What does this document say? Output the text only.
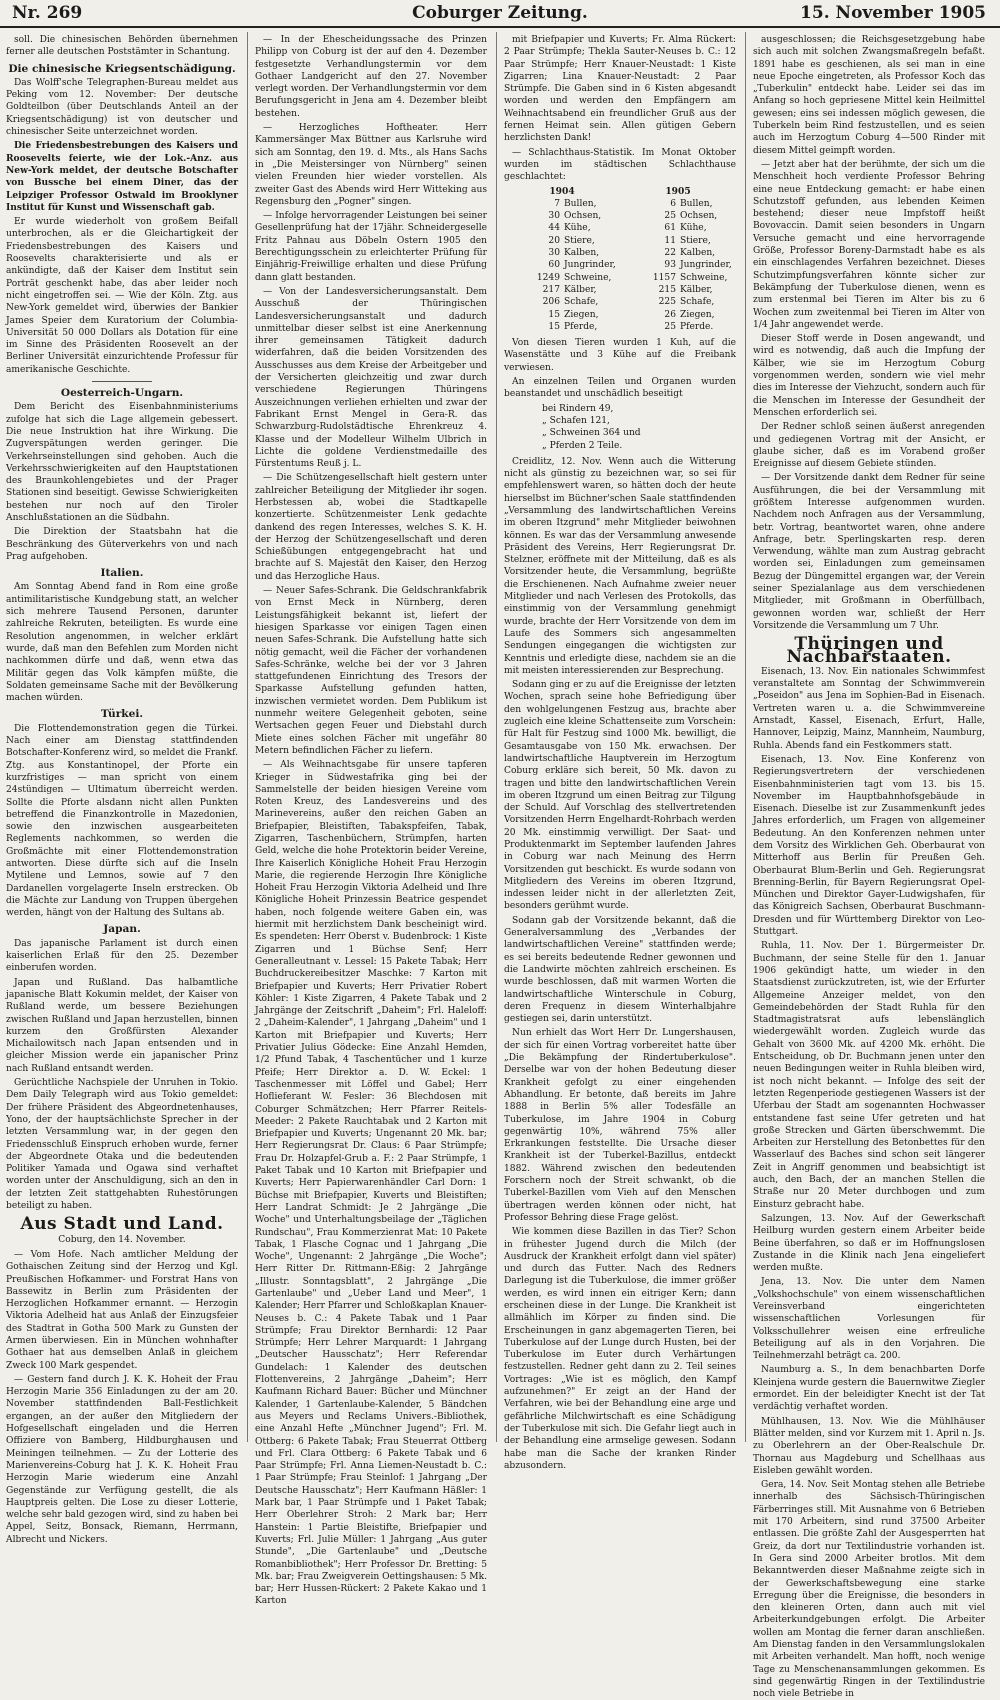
Nr. 269	Coburger Zeitung.	15. November 1905

soll. Die chinesischen Behörden übernehmen ferner alle deutschen Poststämter in Schantung.

Die chinesische Kriegsentschädigung.

Das Wolff'sche Telegraphen-Bureau meldet aus Peking vom 12. November: Der deutsche Goldteilbon (über Deutschlands Anteil an der Kriegsentschädigung) ist von deutscher und chinesischer Seite unterzeichnet worden.

Die Friedensbestrebungen des Kaisers und Roosevelts feierte, wie der Lok.-Anz. aus New-York meldet, der deutsche Botschafter von Bussche bei einem Diner, das der Leipziger Professor Ostwald im Brooklyner Institut für Kunst und Wissenschaft gab.

Er wurde wiederholt von großem Beifall unterbrochen, als er die Gleichartigkeit der Friedensbestrebungen des Kaisers und Roosevelts charakterisierte und als er ankündigte, daß der Kaiser dem Institut sein Porträt geschenkt habe, das aber leider noch nicht eingetroffen sei. — Wie der Köln. Ztg. aus New-York gemeldet wird, überwies der Bankier James Speier dem Kuratorium der Columbia-Universität 50 000 Dollars als Dotation für eine im Sinne des Präsidenten Roosevelt an der Berliner Universität einzurichtende Professur für amerikanische Geschichte.

Oesterreich-Ungarn.

Dem Bericht des Eisenbahnministeriums zufolge hat sich die Lage allgemein gebessert. Die neue Instruktion hat ihre Wirkung. Die Zugverspätungen werden geringer. Die Verkehrseinstellungen sind gehoben. Auch die Verkehrsschwierigkeiten auf den Hauptstationen des Braunkohlengebietes und der Prager Stationen sind beseitigt. Gewisse Schwierigkeiten bestehen nur noch auf den Tiroler Anschlußstationen an die Südbahn.

Die Direktion der Staatsbahn hat die Beschränkung des Güterverkehrs von und nach Prag aufgehoben.

Italien.

Am Sonntag Abend fand in Rom eine große antimilitaristische Kundgebung statt, an welcher sich mehrere Tausend Personen, darunter zahlreiche Rekruten, beteiligten. Es wurde eine Resolution angenommen, in welcher erklärt wurde, daß man den Befehlen zum Morden nicht nachkommen dürfe und daß, wenn etwa das Militär gegen das Volk kämpfen müßte, die Soldaten gemeinsame Sache mit der Bevölkerung machen würden.

Türkei.

Die Flottendemonstration gegen die Türkei. Nach einer am Dienstag stattfindenden Botschafter-Konferenz wird, so meldet die Frankf. Ztg. aus Konstantinopel, der Pforte ein kurzfristiges — man spricht von einem 24stündigen — Ultimatum überreicht werden. Sollte die Pforte alsdann nicht allen Punkten betreffend die Finanzkontrolle in Mazedonien, sowie den inzwischen ausgearbeiteten Reglements nachkommen, so werden die Großmächte mit einer Flottendemonstration antworten. Diese dürfte sich auf die Inseln Mytilene und Lemnos, sowie auf 7 den Dardanellen vorgelagerte Inseln erstrecken. Ob die Mächte zur Landung von Truppen übergehen werden, hängt von der Haltung des Sultans ab.

Japan.

Das japanische Parlament ist durch einen kaiserlichen Erlaß für den 25. Dezember einberufen worden.

Japan und Rußland. Das halbamtliche japanische Blatt Kokumin meldet, der Kaiser von Rußland werde, um bessere Beziehungen zwischen Rußland und Japan herzustellen, binnen kurzem den Großfürsten Alexander Michailowitsch nach Japan entsenden und in gleicher Mission werde ein japanischer Prinz nach Rußland entsandt werden.

Gerüchtliche Nachspiele der Unruhen in Tokio. Dem Daily Telegraph wird aus Tokio gemeldet: Der frühere Präsident des Abgeordnetenhauses, Yono, der der hauptsächlichste Sprecher in der letzten Versammlung war, in der gegen den Friedensschluß Einspruch erhoben wurde, ferner der Abgeordnete Otaka und die bedeutenden Politiker Yamada und Ogawa sind verhaftet worden unter der Anschuldigung, sich an den in der letzten Zeit stattgehabten Ruhestörungen beteiligt zu haben.

Aus Stadt und Land.
Coburg, den 14. November.

— Vom Hofe. Nach amtlicher Meldung der Gothaischen Zeitung sind der Herzog und Kgl. Preußischen Hofkammer- und Forstrat Hans von Bassewitz in Berlin zum Präsidenten der Herzoglichen Hofkammer ernannt. — Herzogin Viktoria Adelheid hat aus Anlaß der Einzugsfeier des Stadtrat in Gotha 500 Mark zu Gunsten der Armen überwiesen. Ein in München wohnhafter Gothaer hat aus demselben Anlaß in gleichem Zweck 100 Mark gespendet.

— Gestern fand durch J. K. K. Hoheit der Frau Herzogin Marie 356 Einladungen zu der am 20. November stattfindenden Ball-Festlichkeit ergangen, an der außer den Mitgliedern der Hofgesellschaft eingeladen und die Herren Offiziere von Bamberg, Hildburghausen und Meiningen teilnehmen. — Zu der Lotterie des Marienvereins-Coburg hat J. K. K. Hoheit Frau Herzogin Marie wiederum eine Anzahl Gegenstände zur Verfügung gestellt, die als Hauptpreis gelten. Die Lose zu dieser Lotterie, welche sehr bald gezogen wird, sind zu haben bei Appel, Seitz, Bonsack, Riemann, Herrmann, Albrecht und Nickers.

— In der Ehescheidungssache des Prinzen Philipp von Coburg ist der auf den 4. Dezember festgesetzte Verhandlungstermin vor dem Gothaer Landgericht auf den 27. November verlegt worden. Der Verhandlungstermin vor dem Berufungsgericht in Jena am 4. Dezember bleibt bestehen.

— Herzogliches Hoftheater. Herr Kammersänger Max Büttner aus Karlsruhe wird sich am Sonntag, den 19. d. Mts., als Hans Sachs in „Die Meistersinger von Nürnberg" seinen vielen Freunden hier wieder vorstellen. Als zweiter Gast des Abends wird Herr Witteking aus Regensburg den „Pogner" singen.

— Infolge hervorragender Leistungen bei seiner Gesellenprüfung hat der 17jähr. Schneidergeselle Fritz Pahnau aus Döbeln Ostern 1905 den Berechtigungsschein zu erleichterter Prüfung für Einjährig-Freiwillige erhalten und diese Prüfung dann glatt bestanden.

— Von der Landesversicherungsanstalt. Dem Ausschuß der Thüringischen Landesversicherungsanstalt und dadurch unmittelbar dieser selbst ist eine Anerkennung ihrer gemeinsamen Tätigkeit dadurch widerfahren, daß die beiden Vorsitzenden des Ausschusses aus dem Kreise der Arbeitgeber und der Versicherten gleichzeitig und zwar durch verschiedene Regierungen Thüringens Auszeichnungen verliehen erhielten und zwar der Fabrikant Ernst Mengel in Gera-R. das Schwarzburg-Rudolstädtische Ehrenkreuz 4. Klasse und der Modelleur Wilhelm Ulbrich in Lichte die goldene Verdienstmedaille des Fürstentums Reuß j. L.

— Die Schützengesellschaft hielt gestern unter zahlreicher Beteiligung der Mitglieder ihr sogen. Herbstessen ab, wobei die Stadtkapelle konzertierte. Schützenmeister Lenk gedachte dankend des regen Interesses, welches S. K. H. der Herzog der Schützengesellschaft und deren Schießübungen entgegengebracht hat und brachte auf S. Majestät den Kaiser, den Herzog und das Herzogliche Haus.

— Neuer Safes-Schrank. Die Geldschrankfabrik von Ernst Meck in Nürnberg, deren Leistungsfähigkeit bekannt ist, liefert der hiesigen Sparkasse vor einigen Tagen einen neuen Safes-Schrank. Die Aufstellung hatte sich nötig gemacht, weil die Fächer der vorhandenen Safes-Schränke, welche bei der vor 3 Jahren stattgefundenen Einrichtung des Tresors der Sparkasse Aufstellung gefunden hatten, inzwischen vermietet worden. Dem Publikum ist nunmehr weitere Gelegenheit geboten, seine Wertsachen gegen Feuer und Diebstahl durch Miete eines solchen Fächer mit ungefähr 80 Metern befindlichen Fächer zu liefern.

— Als Weihnachtsgabe für unsere tapferen Krieger in Südwestafrika ging bei der Sammelstelle der beiden hiesigen Vereine vom Roten Kreuz, des Landesvereins und des Marinevereins, außer den reichen Gaben an Briefpapier, Bleistiften, Tabakspfeifen, Tabak, Zigarren, Taschenbüchern, Strümpfen, harten Geld, welche die hohe Protektorin beider Vereine, Ihre Kaiserlich Königliche Hoheit Frau Herzogin Marie, die regierende Herzogin Ihre Königliche Hoheit Frau Herzogin Viktoria Adelheid und Ihre Königliche Hoheit Prinzessin Beatrice gespendet haben, noch folgende weitere Gaben ein, was hiermit mit herzlichstem Dank bescheinigt wird. Es spendeten: Herr Oberst v. Budenbrock: 1 Kiste Zigarren und 1 Büchse Senf; Herr Generalleutnant v. Lessel: 15 Pakete Tabak; Herr Buchdruckereibesitzer Maschke: 7 Karton mit Briefpapier und Kuverts; Herr Privatier Robert Köhler: 1 Kiste Zigarren, 4 Pakete Tabak und 2 Jahrgänge der Zeitschrift „Daheim"; Frl. Haleloff: 2 „Daheim-Kalender", 1 Jahrgang „Daheim" und 1 Karton mit Briefpapier und Kuverts; Herr Privatier Julius Gödecke: Eine Anzahl Hemden, 1/2 Pfund Tabak, 4 Taschentücher und 1 kurze Pfeife; Herr Direktor a. D. W. Eckel: 1 Taschenmesser mit Löffel und Gabel; Herr Hoflieferant W. Fesler: 36 Blechdosen mit Coburger Schmätzchen; Herr Pfarrer Reitels-Meeder: 2 Pakete Rauchtabak und 2 Karton mit Briefpapier und Kuverts; Ungenannt 20 Mk. bar; Herr Regierungsrat Dr. Claus: 6 Paar Strümpfe; Frau Dr. Holzapfel-Grub a. F.: 2 Paar Strümpfe, 1 Paket Tabak und 10 Karton mit Briefpapier und Kuverts; Herr Papierwarenhändler Carl Dorn: 1 Büchse mit Briefpapier, Kuverts und Bleistiften; Herr Landrat Schmidt: Je 2 Jahrgänge „Die Woche" und Unterhaltungsbeilage der „Täglichen Rundschau", Frau Kommerzienrat Mat: 10 Pakete Tabak, 1 Flasche Cognac und 1 Jahrgang „Die Woche", Ungenannt: 2 Jahrgänge „Die Woche"; Herr Ritter Dr. Rittmann-Eßig: 2 Jahrgänge „Illustr. Sonntagsblatt", 2 Jahrgänge „Die Gartenlaube" und „Ueber Land und Meer", 1 Kalender; Herr Pfarrer und Schloßkaplan Knauer-Neuses b. C.: 4 Pakete Tabak und 1 Paar Strümpfe; Frau Direktor Bernhardi: 12 Paar Strümpfe; Herr Lehrer Marquardt: 1 Jahrgang „Deutscher Hausschatz"; Herr Referendar Gundelach: 1 Kalender des deutschen Flottenvereins, 2 Jahrgänge „Daheim"; Herr Kaufmann Richard Bauer: Bücher und Münchner Kalender, 1 Gartenlaube-Kalender, 5 Bändchen aus Meyers und Reclams Univers.-Bibliothek, eine Anzahl Hefte „Münchner Jugend"; Frl. M. Ottberg: 6 Pakete Tabak; Frau Steuerrat Ottberg und Frl. Clara Ottberg: 6 Pakete Tabak und 6 Paar Strümpfe; Frl. Anna Liemen-Neustadt b. C.: 1 Paar Strümpfe; Frau Steinlof: 1 Jahrgang „Der Deutsche Hausschatz"; Herr Kaufmann Häßler: 1 Mark bar, 1 Paar Strümpfe und 1 Paket Tabak; Herr Oberlehrer Stroh: 2 Mark bar; Herr Hanstein: 1 Partie Bleistifte, Briefpapier und Kuverts; Frl. Julie Müller: 1 Jahrgang „Aus guter Stunde", „Die Gartenlaube" und „Deutsche Romanbibliothek"; Herr Professor Dr. Bretting: 5 Mk. bar; Frau Zweigverein Oettingshausen: 5 Mk. bar; Herr Hussen-Rückert: 2 Pakete Kakao und 1 Karton

mit Briefpapier und Kuverts; Fr. Alma Rückert: 2 Paar Strümpfe; Thekla Sauter-Neuses b. C.: 12 Paar Strümpfe; Herr Knauer-Neustadt: 1 Kiste Zigarren; Lina Knauer-Neustadt: 2 Paar Strümpfe. Die Gaben sind in 6 Kisten abgesandt worden und werden den Empfängern am Weihnachtsabend ein freundlicher Gruß aus der fernen Heimat sein. Allen gütigen Gebern herzlichsten Dank!

— Schlachthaus-Statistik. Im Monat Oktober wurden im städtischen Schlachthause geschlachtet:

1904		1905	
7	Bullen,	6	Bullen,
30	Ochsen,	25	Ochsen,
44	Kühe,	61	Kühe,
20	Stiere,	11	Stiere,
30	Kalben,	22	Kalben,
60	Jungrinder,	93	Jungrinder,
1249	Schweine,	1157	Schweine,
217	Kälber,	215	Kälber,
206	Schafe,	225	Schafe,
15	Ziegen,	26	Ziegen,
15	Pferde,	25	Pferde.

Von diesen Tieren wurden 1 Kuh, auf die Wasenstätte und 3 Kühe auf die Freibank verwiesen.

An einzelnen Teilen und Organen wurden beanstandet und unschädlich beseitigt

bei Rindern 49,
„ Schafen 121,
„ Schweinen 364 und
„ Pferden 2 Teile.

Creidlitz, 12. Nov. Wenn auch die Witterung nicht als günstig zu bezeichnen war, so sei für empfehlenswert waren, so hätten doch der heute hierselbst im Büchner'schen Saale stattfindenden „Versammlung des landwirtschaftlichen Vereins im oberen Itzgrund" mehr Mitglieder beiwohnen können. Es war das der Versammlung anwesende Präsident des Vereins, Herr Regierungsrat Dr. Stelzner, eröffnete mit der Mitteilung, daß es als Vorsitzender heute, die Versammlung, begrüßte die Erschienenen. Nach Aufnahme zweier neuer Mitglieder und nach Verlesen des Protokolls, das einstimmig von der Versammlung genehmigt wurde, brachte der Herr Vorsitzende von dem im Laufe des Sommers sich angesammelten Sendungen eingegangen die wichtigsten zur Kenntnis und erledigte diese, nachdem sie an die mit meisten interessierenden zur Besprechung.

Sodann ging er zu auf die Ereignisse der letzten Wochen, sprach seine hohe Befriedigung über den wohlgelungenen Festzug aus, brachte aber zugleich eine kleine Schattenseite zum Vorschein: für Halt für Festzug sind 1000 Mk. bewilligt, die Gesamtausgabe von 150 Mk. erwachsen. Der landwirtschaftliche Hauptverein im Herzogtum Coburg erkläre sich bereit, 50 Mk. davon zu tragen und bitte den landwirtschaftlichen Verein im oberen Itzgrund um einen Beitrag zur Tilgung der Schuld. Auf Vorschlag des stellvertretenden Vorsitzenden Herrn Engelhardt-Rohrbach werden 20 Mk. einstimmig verwilligt. Der Saat- und Produktenmarkt im September laufenden Jahres in Coburg war nach Meinung des Herrn Vorsitzenden gut beschickt. Es wurde sodann von Mitgliedern des Vereins im oberen Itzgrund, indessen leider nicht in der allerletzten Zeit, besonders gerühmt wurde.

Sodann gab der Vorsitzende bekannt, daß die Generalversammlung des „Verbandes der landwirtschaftlichen Vereine" stattfinden werde; es sei bereits bedeutende Redner gewonnen und die Landwirte möchten zahlreich erscheinen. Es wurde beschlossen, daß mit warmen Worten die landwirtschaftliche Winterschule in Coburg, deren Frequenz in diesem Winterhalbjahre gestiegen sei, darin unterstützt.

Nun erhielt das Wort Herr Dr. Lungershausen, der sich für einen Vortrag vorbereitet hatte über „Die Bekämpfung der Rindertuberkulose". Derselbe war von der hohen Bedeutung dieser Krankheit gefolgt zu einer eingehenden Abhandlung. Er betonte, daß bereits im Jahre 1888 in Berlin 5% aller Todesfälle an Tuberkulose, im Jahre 1904 in Coburg gegenwärtig 10%, während 75% aller Erkrankungen feststellte. Die Ursache dieser Krankheit ist der Tuberkel-Bazillus, entdeckt 1882. Während zwischen den bedeutenden Forschern noch der Streit schwankt, ob die Tuberkel-Bazillen vom Vieh auf den Menschen übertragen werden können oder nicht, hat Professor Behring diese Frage gelöst.

Wie kommen diese Bazillen in das Tier? Schon in frühester Jugend durch die Milch (der Ausdruck der Krankheit erfolgt dann viel später) und durch das Futter. Nach des Redners Darlegung ist die Tuberkulose, die immer größer werden, es wird innen ein eitriger Kern; dann erscheinen diese in der Lunge. Die Krankheit ist allmählich im Körper zu finden sind. Die Erscheinungen in ganz abgemagerten Tieren, bei Tuberkulose auf der Lunge durch Husten, bei der Tuberkulose im Euter durch Verhärtungen festzustellen. Redner geht dann zu 2. Teil seines Vortrages: „Wie ist es möglich, den Kampf aufzunehmen?" Er zeigt an der Hand der Verfahren, wie bei der Behandlung eine arge und gefährliche Milchwirtschaft es eine Schädigung der Tuberkulose mit sich. Die Gefahr liegt auch in der Behandlung eine armselige gewesen. Sodann habe man die Sache der kranken Rinder abzusondern.

ausgeschlossen; die Reichsgesetzgebung habe sich auch mit solchen Zwangsmaßregeln befaßt. 1891 habe es geschienen, als sei man in eine neue Epoche eingetreten, als Professor Koch das „Tuberkulin" entdeckt habe. Leider sei das im Anfang so hoch gepriesene Mittel kein Heilmittel gewesen; eins sei indessen möglich gewesen, die Tuberkeln beim Rind festzustellen, und es seien auch im Herzogtum Coburg 4—500 Rinder mit diesem Mittel geimpft worden.

— Jetzt aber hat der berühmte, der sich um die Menschheit hoch verdiente Professor Behring eine neue Entdeckung gemacht: er habe einen Schutzstoff gefunden, aus lebenden Keimen bestehend; dieser neue Impfstoff heißt Bovovaccin. Damit seien besonders in Ungarn Versuche gemacht und eine hervorragende Größe, Professor Boreny-Darmstadt habe es als ein einschlagendes Verfahren bezeichnet. Dieses Schutzimpfungsverfahren könnte sicher zur Bekämpfung der Tuberkulose dienen, wenn es zum erstenmal bei Tieren im Alter bis zu 6 Wochen zum zweitenmal bei Tieren im Alter von 1/4 Jahr angewendet werde.

Dieser Stoff werde in Dosen angewandt, und wird es notwendig, daß auch die Impfung der Kälber, wie sie im Herzogtum Coburg vorgenommen werden, sondern wie viel mehr dies im Interesse der Viehzucht, sondern auch für die Menschen im Interesse der Gesundheit der Menschen erforderlich sei.

Der Redner schloß seinen äußerst anregenden und gediegenen Vortrag mit der Ansicht, er glaube sicher, daß es im Vorabend großer Ereignisse auf diesem Gebiete stünden.

— Der Vorsitzende dankt dem Redner für seine Ausführungen, die bei der Versammlung mit größtem Interesse aufgenommen wurden. Nachdem noch Anfragen aus der Versammlung, betr. Vortrag, beantwortet waren, ohne andere Anfrage, betr. Sperlingskarten resp. deren Verwendung, wählte man zum Austrag gebracht worden sei, Einladungen zum gemeinsamen Bezug der Düngemittel ergangen war, der Verein seiner Spezialanlage aus dem verschiedenen Mitglieder, mit Großmann in Oberfüllbach, gewonnen worden war, schließt der Herr Vorsitzende die Versammlung um 7 Uhr.

Thüringen und Nachbarstaaten.

Eisenach, 13. Nov. Ein nationales Schwimmfest veranstaltete am Sonntag der Schwimmverein „Poseidon" aus Jena im Sophien-Bad in Eisenach. Vertreten waren u. a. die Schwimmvereine Arnstadt, Kassel, Eisenach, Erfurt, Halle, Hannover, Leipzig, Mainz, Mannheim, Naumburg, Ruhla. Abends fand ein Festkommers statt.

Eisenach, 13. Nov. Eine Konferenz von Regierungsvertretern der verschiedenen Eisenbahnministerien tagt vom 13. bis 15. November im Hauptbahnhofsgebäude in Eisenach. Dieselbe ist zur Zusammenkunft jedes Jahres erforderlich, um Fragen von allgemeiner Bedeutung. An den Konferenzen nehmen unter dem Vorsitz des Wirklichen Geh. Oberbaurat von Mitterhoff aus Berlin für Preußen Geh. Oberbaurat Blum-Berlin und Geh. Regierungsrat Brenning-Berlin, für Bayern Regierungsrat Opel-München und Direktor Gayer-Ludwigshafen, für das Königreich Sachsen, Oberbaurat Buschmann-Dresden und für Württemberg Direktor von Leo-Stuttgart.

Ruhla, 11. Nov. Der 1. Bürgermeister Dr. Buchmann, der seine Stelle für den 1. Januar 1906 gekündigt hatte, um wieder in den Staatsdienst zurückzutreten, ist, wie der Erfurter Allgemeine Anzeiger meldet, von den Gemeindebehörden der Stadt Ruhla für den Stadtmagistratsrat aufs lebenslänglich wiedergewählt worden. Zugleich wurde das Gehalt von 3600 Mk. auf 4200 Mk. erhöht. Die Entscheidung, ob Dr. Buchmann jenen unter den neuen Bedingungen weiter in Ruhla bleiben wird, ist noch nicht bekannt. — Infolge des seit der letzten Regenperiode gestiegenen Wassers ist der Uferbau der Stadt am sogenannten Hochwasser entstandene fast seine Ufer getreten und hat große Strecken und Gärten überschwemmt. Die Arbeiten zur Herstellung des Betonbettes für den Wasserlauf des Baches sind schon seit längerer Zeit in Angriff genommen und beabsichtigt ist auch, den Bach, der an manchen Stellen die Straße nur 20 Meter durchbogen und zum Einsturz gebracht habe.

Salzungen, 13. Nov. Auf der Gewerkschaft Heilburg wurden gestern einem Arbeiter beide Beine überfahren, so daß er im Hoffnungslosen Zustande in die Klinik nach Jena eingeliefert werden mußte.

Jena, 13. Nov. Die unter dem Namen „Volkshochschule" von einem wissenschaftlichen Vereinsverband eingerichteten wissenschaftlichen Vorlesungen für Volksschullehrer weisen eine erfreuliche Beteiligung auf als in den Vorjahren. Die Teilnehmerzahl beträgt ca. 200.

Naumburg a. S., In dem benachbarten Dorfe Kleinjena wurde gestern die Bauernwitwe Ziegler ermordet. Ein der beleidigter Knecht ist der Tat verdächtig verhaftet worden.

Mühlhausen, 13. Nov. Wie die Mühlhäuser Blätter melden, sind vor Kurzem mit 1. April n. Js. zu Oberlehrern an der Ober-Realschule Dr. Thornau aus Magdeburg und Schellhaas aus Eisleben gewählt worden.

Gera, 14. Nov. Seit Montag stehen alle Betriebe innerhalb des Sächsisch-Thüringischen Färberringes still. Mit Ausnahme von 6 Betrieben mit 170 Arbeitern, sind rund 37500 Arbeiter entlassen. Die größte Zahl der Ausgesperrten hat Greiz, da dort nur Textilindustrie vorhanden ist. In Gera sind 2000 Arbeiter brotlos. Mit dem Bekanntwerden dieser Maßnahme zeigte sich in der Gewerkschaftsbewegung eine starke Erregung über die Ereignisse, die besonders in den kleineren Orten, dann auch mit viel Arbeiterkundgebungen erfolgt. Die Arbeiter wollen am Montag die ferner daran anschließen. Am Dienstag fanden in den Versammlungslokalen mit Arbeiten verhandelt. Man hofft, noch wenige Tage zu Menschenansammlungen gekommen. Es sind gegenwärtig Ringen in der Textilindustrie noch viele Betriebe in
